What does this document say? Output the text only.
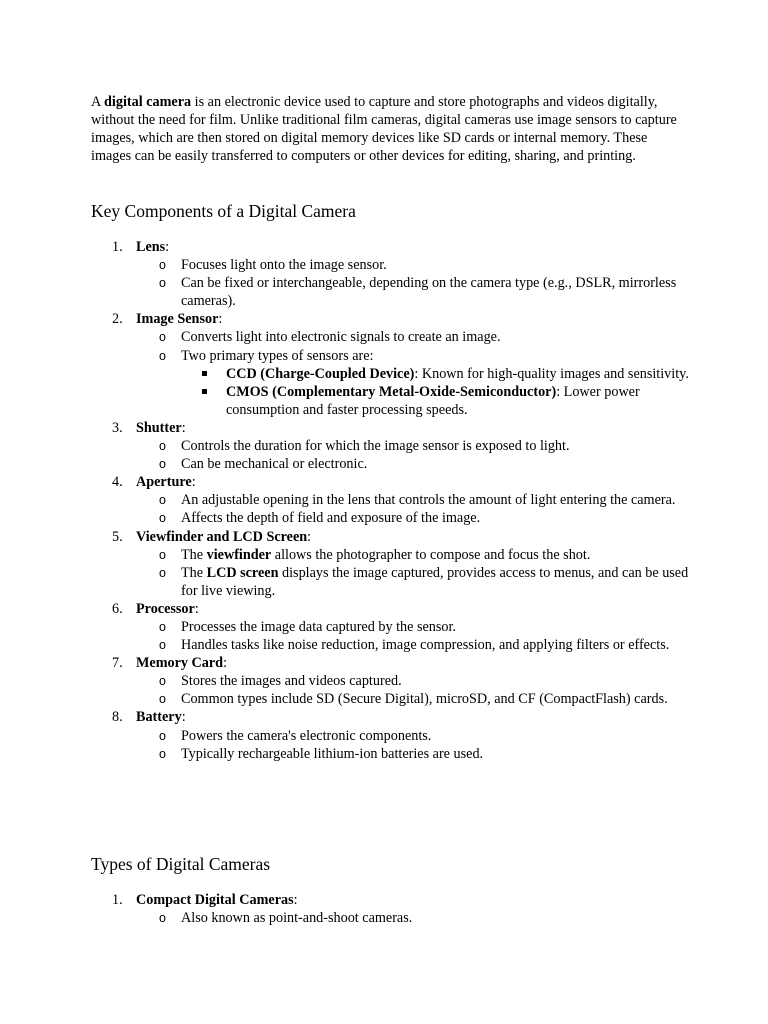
A digital camera is an electronic device used to capture and store photographs and videos digitally, without the need for film. Unlike traditional film cameras, digital cameras use image sensors to capture images, which are then stored on digital memory devices like SD cards or internal memory. These images can be easily transferred to computers or other devices for editing, sharing, and printing.

Key Components of a Digital Camera
1. Lens:
o Focuses light onto the image sensor.
o Can be fixed or interchangeable, depending on the camera type (e.g., DSLR, mirrorless cameras).
2. Image Sensor:
o Converts light into electronic signals to create an image.
o Two primary types of sensors are:
CCD (Charge-Coupled Device): Known for high-quality images and sensitivity.
CMOS (Complementary Metal-Oxide-Semiconductor): Lower power consumption and faster processing speeds.
3. Shutter:
o Controls the duration for which the image sensor is exposed to light.
o Can be mechanical or electronic.
4. Aperture:
o An adjustable opening in the lens that controls the amount of light entering the camera.
o Affects the depth of field and exposure of the image.
5. Viewfinder and LCD Screen:
o The viewfinder allows the photographer to compose and focus the shot.
o The LCD screen displays the image captured, provides access to menus, and can be used for live viewing.
6. Processor:
o Processes the image data captured by the sensor.
o Handles tasks like noise reduction, image compression, and applying filters or effects.
7. Memory Card:
o Stores the images and videos captured.
o Common types include SD (Secure Digital), microSD, and CF (CompactFlash) cards.
8. Battery:
o Powers the camera's electronic components.
o Typically rechargeable lithium-ion batteries are used.
Types of Digital Cameras
1. Compact Digital Cameras:
o Also known as point-and-shoot cameras.
